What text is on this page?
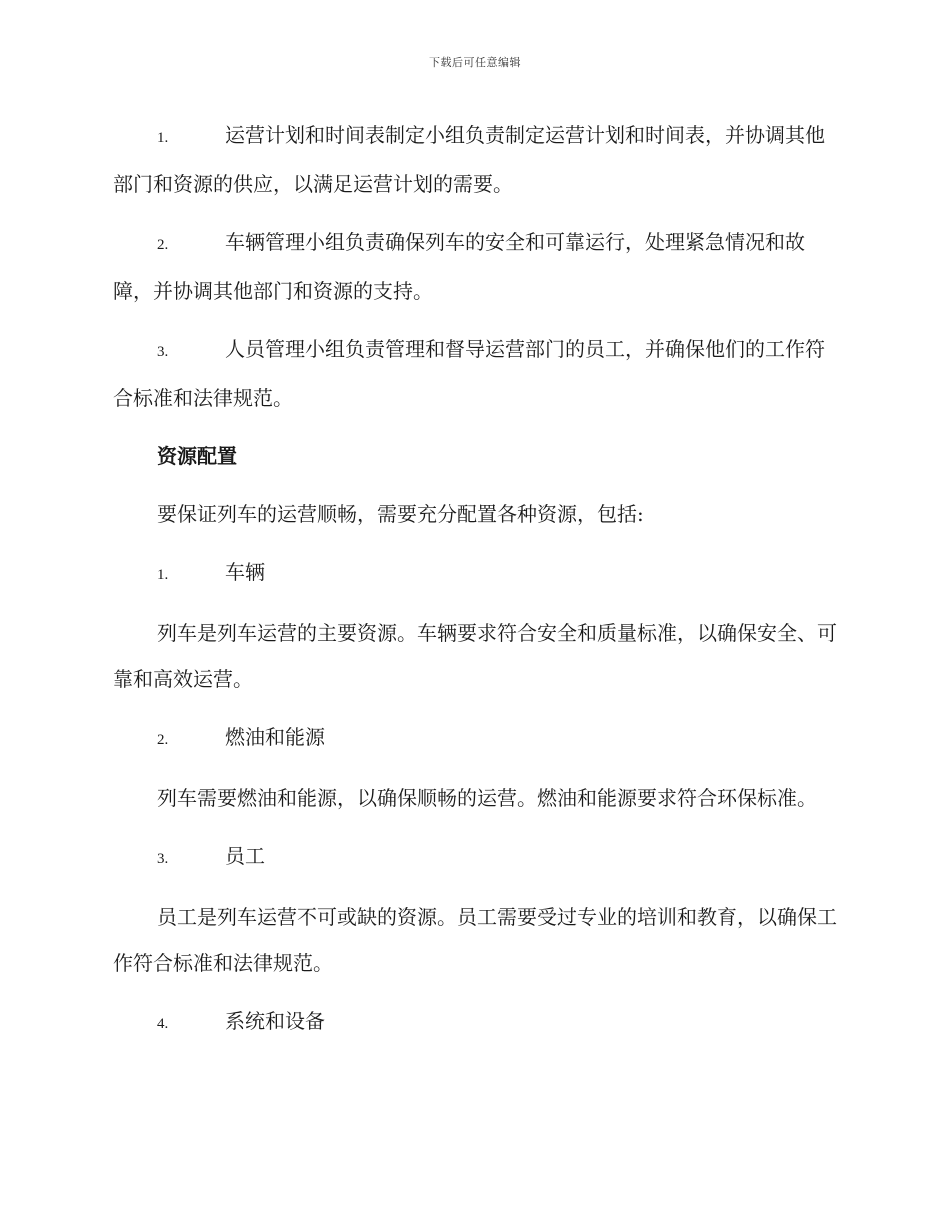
下载后可任意编辑

1.	运营计划和时间表制定小组负责制定运营计划和时间表，并协调其他部门和资源的供应，以满足运营计划的需要。

2.	车辆管理小组负责确保列车的安全和可靠运行，处理紧急情况和故障，并协调其他部门和资源的支持。

3.	人员管理小组负责管理和督导运营部门的员工，并确保他们的工作符合标准和法律规范。

资源配置

要保证列车的运营顺畅，需要充分配置各种资源，包括:

1.	车辆

列车是列车运营的主要资源。车辆要求符合安全和质量标准，以确保安全、可靠和高效运营。

2.	燃油和能源

列车需要燃油和能源，以确保顺畅的运营。燃油和能源要求符合环保标准。

3.	员工

员工是列车运营不可或缺的资源。员工需要受过专业的培训和教育，以确保工作符合标准和法律规范。

4.	系统和设备
